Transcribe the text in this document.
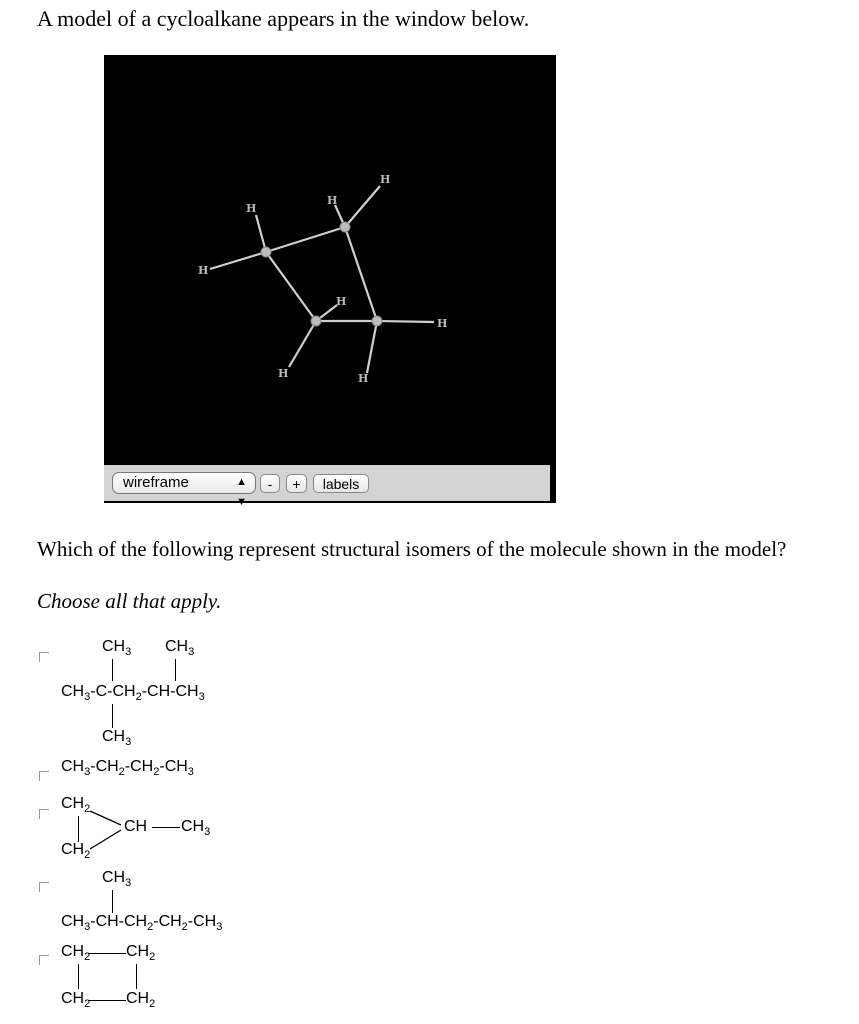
A model of a cycloalkane appears in the window below.
H
H
H
H
H
H
H
H
wireframe	▲
▼
-	+	labels
Which of the following represent structural isomers of the molecule shown in the model?
Choose all that apply.
$CH_3$ $CH_3$
$CH_3-C-CH_2-CH-CH_3$
$CH_3$
$CH_3-CH_2-CH_2-CH_3$
$CH_2$
$CH_2$
CH $CH_3$
$CH_3$
$CH_3-CH-CH_2-CH_2-CH_3$
$CH_2$ $CH_2$
$CH_2$ $CH_2$
